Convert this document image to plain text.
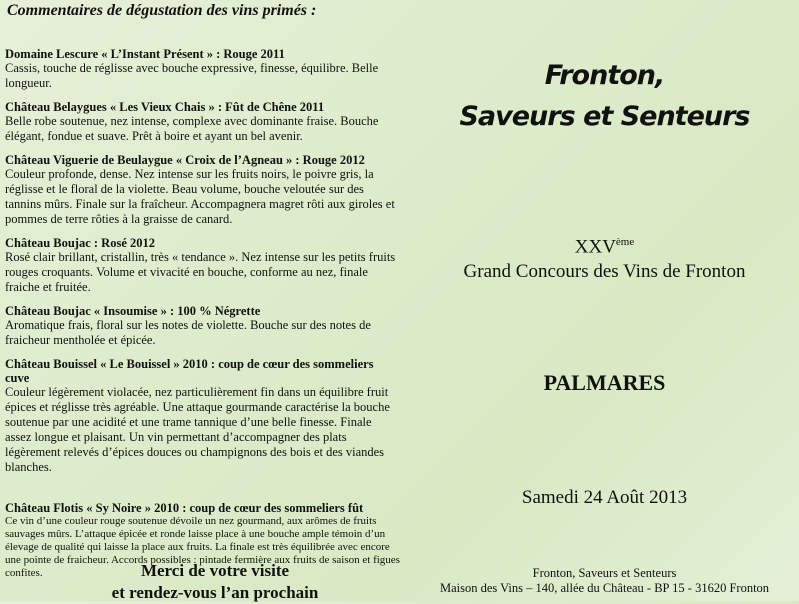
Commentaires de dégustation des vins primés :

Domaine Lescure « L’Instant Présent » : Rouge 2011

Cassis, touche de réglisse avec bouche expressive, finesse, équilibre. Belle longueur.

Château Belaygues « Les Vieux Chais » : Fût de Chêne 2011

Belle robe soutenue, nez intense, complexe avec dominante fraise. Bouche élégant, fondue et suave. Prêt à boire et ayant un bel avenir.

Château Viguerie de Beulaygue « Croix de l’Agneau » : Rouge 2012

Couleur profonde, dense. Nez intense sur les fruits noirs, le poivre gris, la réglisse et le floral de la violette. Beau volume, bouche veloutée sur des tannins mûrs. Finale sur la fraîcheur. Accompagnera magret rôti aux giroles et pommes de terre rôties à la graisse de canard.

Château Boujac : Rosé 2012

Rosé clair brillant, cristallin, très « tendance ». Nez intense sur les petits fruits rouges croquants. Volume et vivacité en bouche, conforme au nez, finale fraiche et fruitée.

Château Boujac « Insoumise » : 100 % Négrette

Aromatique frais, floral sur les notes de violette. Bouche sur des notes de fraicheur mentholée et épicée.

Château Bouissel « Le Bouissel » 2010 : coup de cœur des sommeliers cuve

Couleur légèrement violacée, nez particulièrement fin dans un équilibre fruit épices et réglisse très agréable. Une attaque gourmande caractérise la bouche soutenue par une acidité et une trame tannique d’une belle finesse. Finale assez longue et plaisant. Un vin permettant d’accompagner des plats légèrement relevés d’épices douces ou champignons des bois et des viandes blanches.

Château Flotis « Sy Noire » 2010 : coup de cœur des sommeliers fût

Ce vin d’une couleur rouge soutenue dévoile un nez gourmand, aux arômes de fruits sauvages mûrs. L’attaque épicée et ronde laisse place à une bouche ample témoin d’un élevage de qualité qui laisse la place aux fruits. La finale est très équilibrée avec encore une pointe de fraicheur. Accords possibles : pintade fermière aux fruits de saison et figues confites.	Merci de votre visite
et rendez-vous l’an prochain
Fronton,
Saveurs et Senteurs
XXVème
Grand Concours des Vins de Fronton
PALMARES
Samedi 24 Août 2013
Fronton, Saveurs et Senteurs
Maison des Vins – 140, allée du Château - BP 15 - 31620 Fronton
